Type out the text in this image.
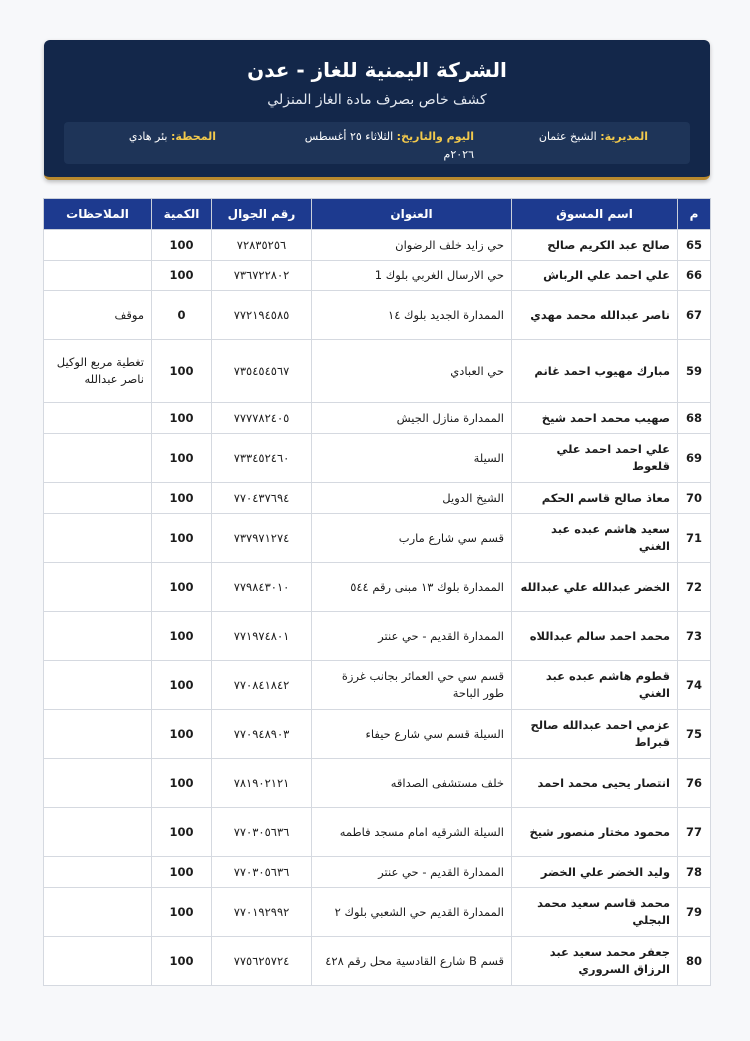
الشركة اليمنية للغاز - عدن
كشف خاص بصرف مادة الغاز المنزلي
المديرية: الشيخ عثمان
اليوم والتاريخ: الثلاثاء ٢٥ أغسطس ٢٠٢٦م
المحطة: بئر هادي
م	اسم المسوق	العنوان	رقم الجوال	الكمية	الملاحظات
65	صالح عبد الكريم صالح	حي زايد خلف الرضوان	٧٢٨٣٥٢٥٦	100	
66	علي احمد علي الرباش	حي الارسال الغربي بلوك 1	٧٣٦٧٢٢٨٠٢	100	
67	ناصر عبدالله محمد مهدي	الممدارة الجديد بلوك ١٤	٧٧٢١٩٤٥٨٥	0	موقف
59	مبارك مهيوب احمد غانم	حي العبادي	٧٣٥٤٥٤٥٦٧	100	تغطية مربع الوكيل ناصر عبدالله
68	صهيب محمد احمد شيخ	الممدارة منازل الجيش	٧٧٧٧٨٢٤٠٥	100	
69	علي احمد احمد علي قلعوط	السيلة	٧٣٣٤٥٢٤٦٠	100	
70	معاذ صالح قاسم الحكم	الشيخ الدويل	٧٧٠٤٣٧٦٩٤	100	
71	سعيد هاشم عبده عبد الغني	قسم سي شارع مارب	٧٣٧٩٧١٢٧٤	100	
72	الخضر عبدالله علي عبدالله	الممدارة بلوك ١٣ مبنى رقم ٥٤٤	٧٧٩٨٤٣٠١٠	100	
73	محمد احمد سالم عبداللاه	الممدارة القديم - حي عنتر	٧٧١٩٧٤٨٠١	100	
74	قطوم هاشم عبده عبد الغني	قسم سي حي العمائر بجانب غرزة طور الباحة	٧٧٠٨٤١٨٤٢	100	
75	عزمي احمد عبدالله صالح قبراط	السيلة قسم سي شارع حيفاء	٧٧٠٩٤٨٩٠٣	100	
76	انتصار يحيى محمد احمد	خلف مستشفى الصداقه	٧٨١٩٠٢١٢١	100	
77	محمود مختار منصور شيخ	السيلة الشرقيه امام مسجد فاطمه	٧٧٠٣٠٥٦٣٦	100	
78	وليد الخضر علي الخضر	الممدارة القديم - حي عنتر	٧٧٠٣٠٥٦٣٦	100	
79	محمد قاسم سعيد محمد البجلي	الممدارة القديم حي الشعبي بلوك ٢	٧٧٠١٩٢٩٩٢	100	
80	جعفر محمد سعيد عبد الرزاق السروري	قسم B شارع القادسية محل رقم ٤٢٨	٧٧٥٦٢٥٧٢٤	100	
